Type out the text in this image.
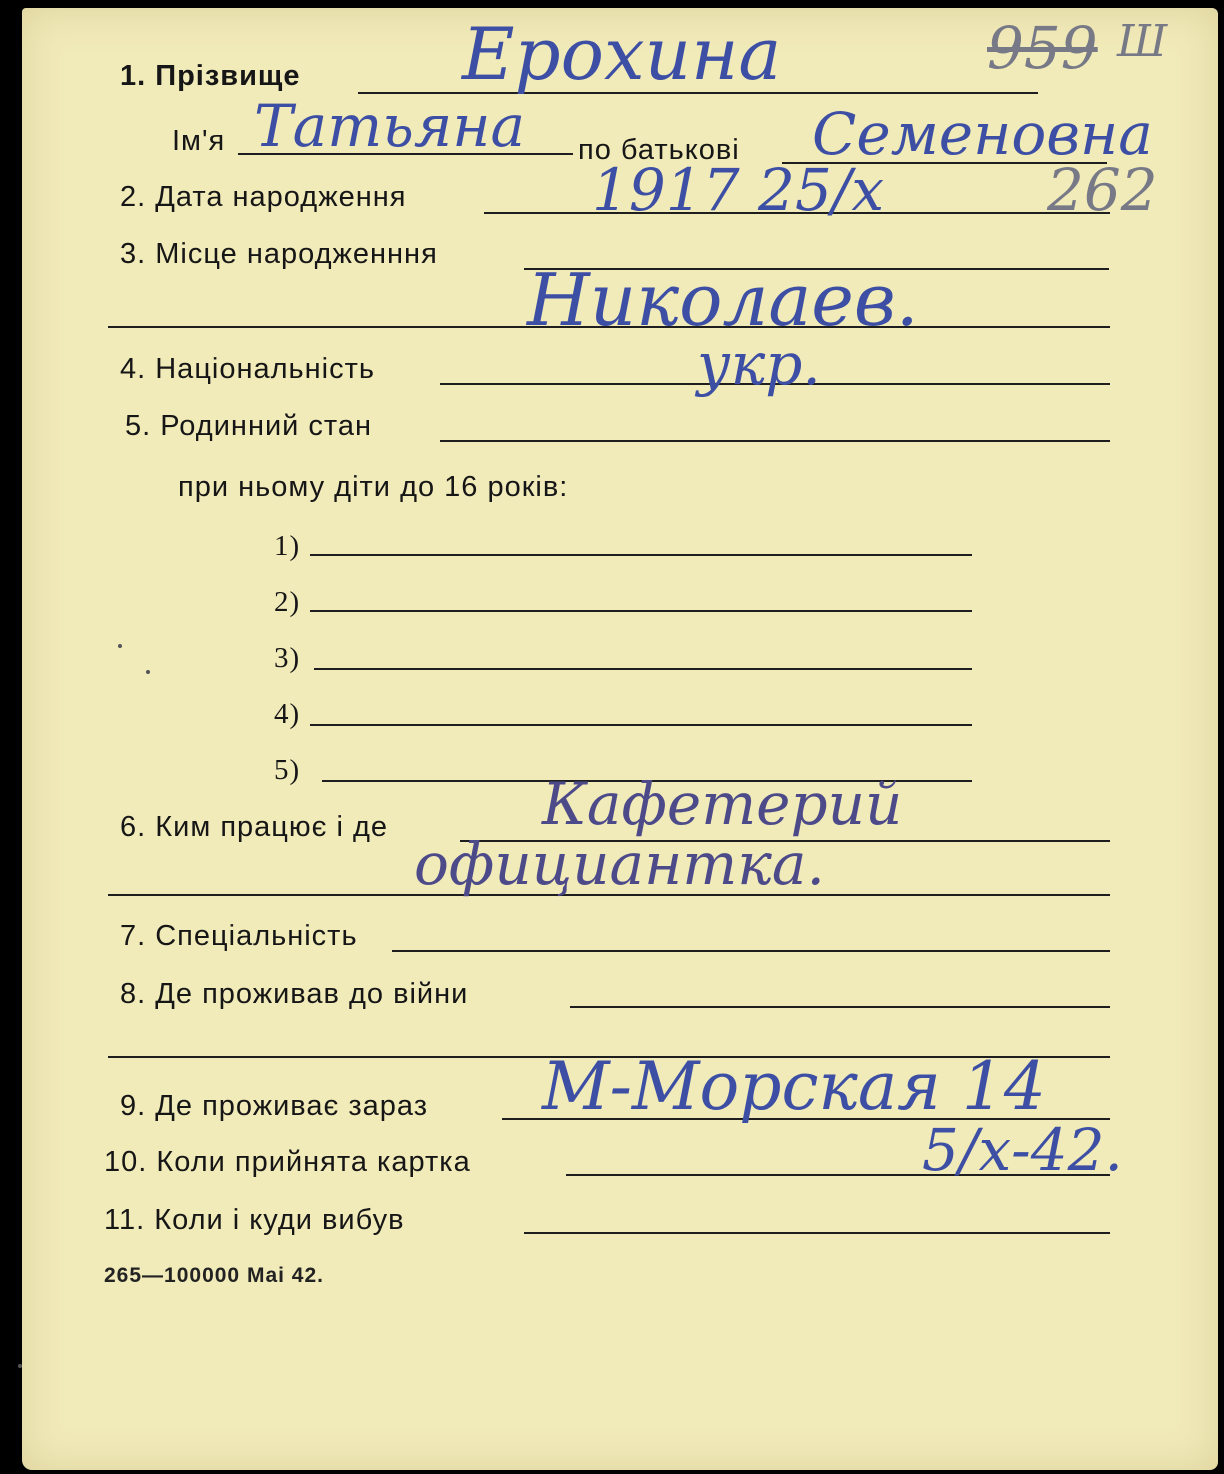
1. Прізвище Ерохина	959 Ш
Ім'я Татьяна по батькові Семеновна
2. Дата народження	1917 25/х	262
3. Місце народженння
Николаев.
4. Національність	укр.
5. Родинний стан
при ньому діти до 16 років:
1)
2)
3)
4)
5)
6. Ким працює і де	Кафетерий
официантка.
7. Спеціальність
8. Де проживав до війни
9. Де проживає зараз М-Морская 14
10. Коли прийнята картка	5/х-42.
11. Коли і куди вибув
265—100000 Mai 42.
